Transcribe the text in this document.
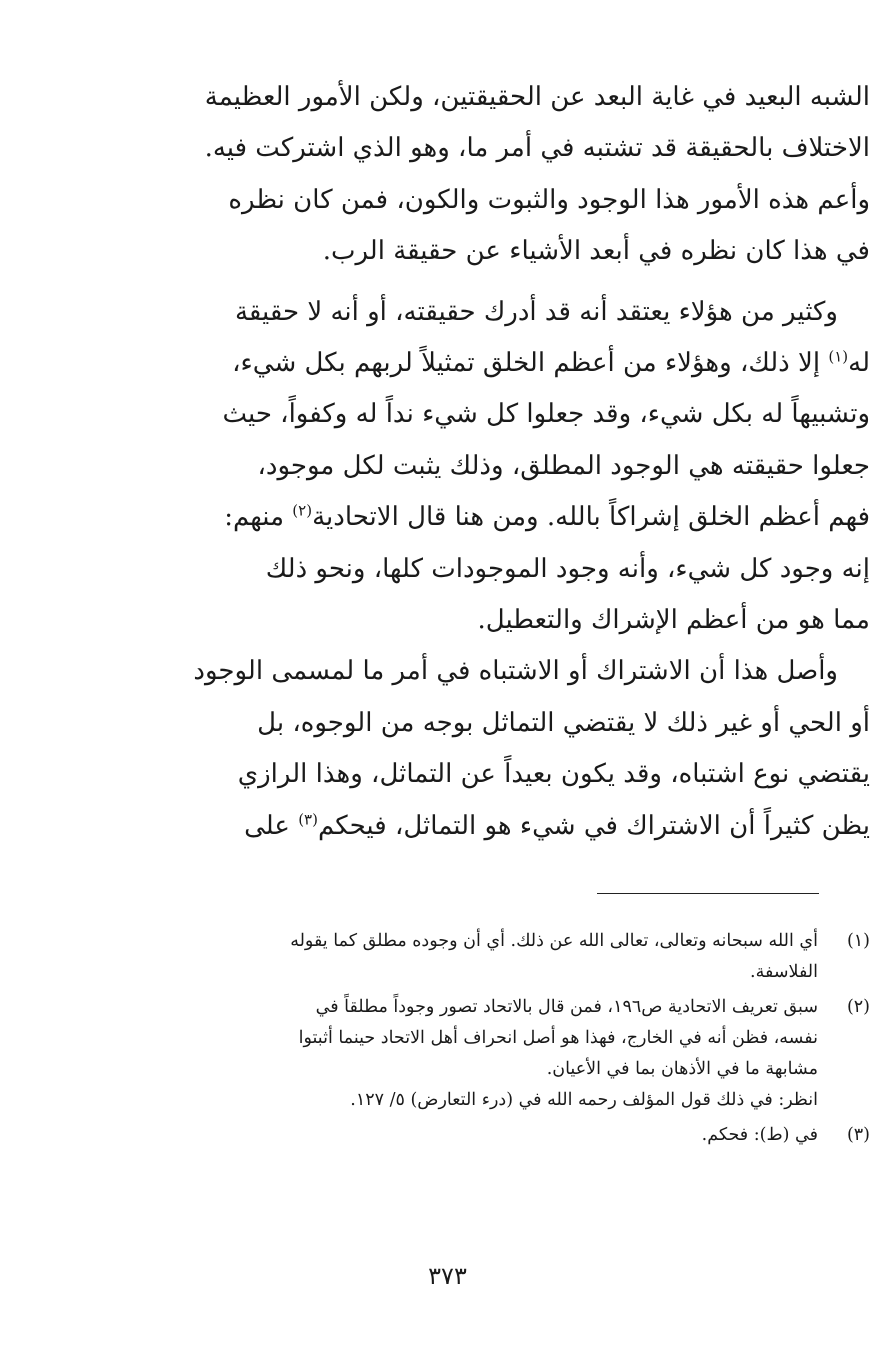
الشبه البعيد في غاية البعد عن الحقيقتين، ولكن الأمور العظيمة
الاختلاف بالحقيقة قد تشتبه في أمر ما، وهو الذي اشتركت فيه.
وأعم هذه الأمور هذا الوجود والثبوت والكون، فمن كان نظره
في هذا كان نظره في أبعد الأشياء عن حقيقة الرب.

وكثير من هؤلاء يعتقد أنه قد أدرك حقيقته، أو أنه لا حقيقة
له$^{(١)}$ إلا ذلك، وهؤلاء من أعظم الخلق تمثيلاً لربهم بكل شيء،
وتشبيهاً له بكل شيء، وقد جعلوا كل شيء نداً له وكفواً، حيث
جعلوا حقيقته هي الوجود المطلق، وذلك يثبت لكل موجود،
فهم أعظم الخلق إشراكاً بالله. ومن هنا قال الاتحادية$^{(٢)}$ منهم:
إنه وجود كل شيء، وأنه وجود الموجودات كلها، ونحو ذلك
مما هو من أعظم الإشراك والتعطيل.

وأصل هذا أن الاشتراك أو الاشتباه في أمر ما لمسمى الوجود
أو الحي أو غير ذلك لا يقتضي التماثل بوجه من الوجوه، بل
يقتضي نوع اشتباه، وقد يكون بعيداً عن التماثل، وهذا الرازي
يظن كثيراً أن الاشتراك في شيء هو التماثل، فيحكم$^{(٣)}$ على

(١)
أي الله سبحانه وتعالى، تعالى الله عن ذلك. أي أن وجوده مطلق كما يقوله
الفلاسفة.
(٢)
سبق تعريف الاتحادية ص١٩٦، فمن قال بالاتحاد تصور وجوداً مطلقاً في
نفسه، فظن أنه في الخارج، فهذا هو أصل انحراف أهل الاتحاد حينما أثبتوا
مشابهة ما في الأذهان بما في الأعيان.
انظر: في ذلك قول المؤلف رحمه الله في (درء التعارض) ٥/ ١٢٧.
(٣)
في (ط): فحكم.
٣٧٣
